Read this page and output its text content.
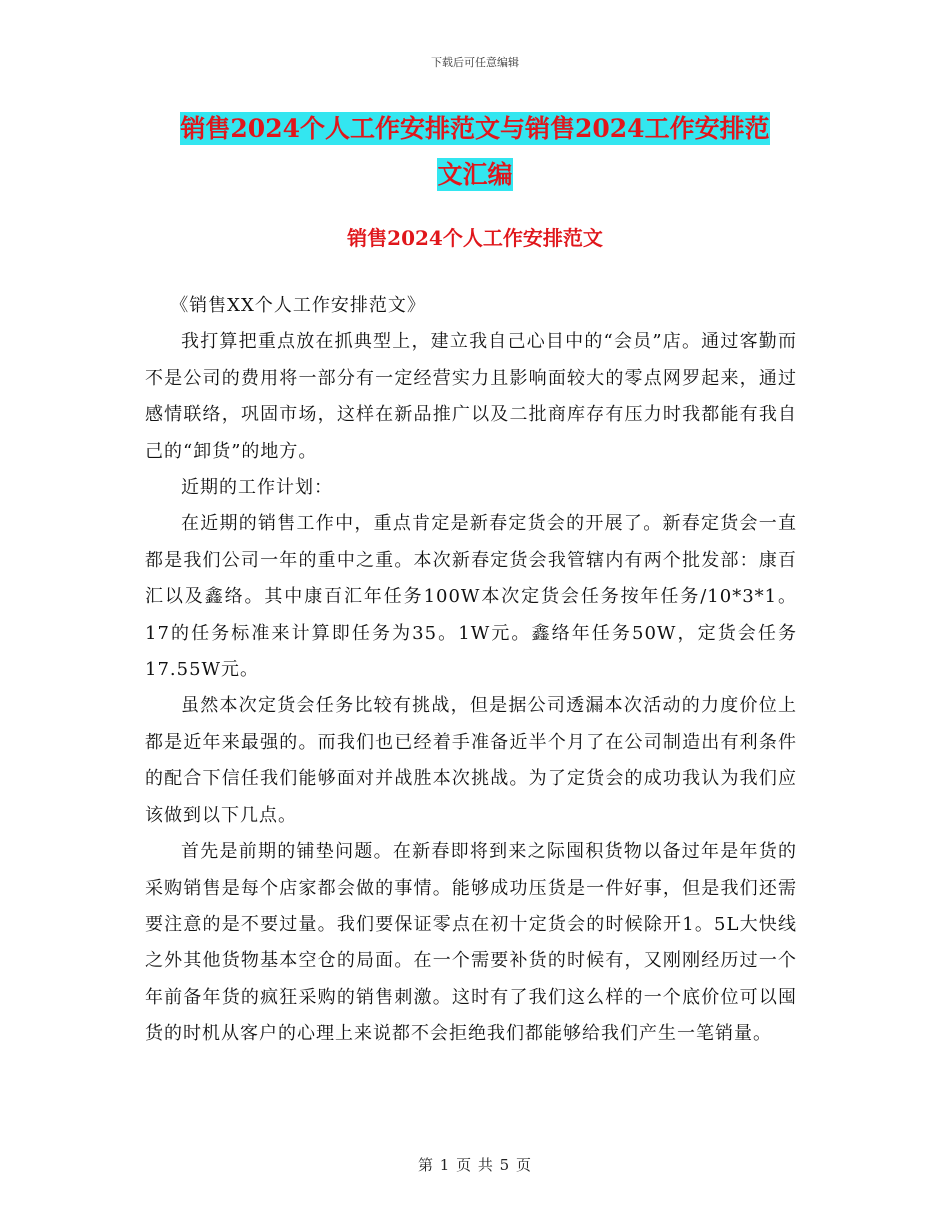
下载后可任意编辑
销售2024个人工作安排范文与销售2024工作安排范
文汇编
销售2024个人工作安排范文

《销售XX个人工作安排范文》

我打算把重点放在抓典型上，建立我自己心目中的“会员”店。通过客勤而不是公司的费用将一部分有一定经营实力且影响面较大的零点网罗起来，通过感情联络，巩固市场，这样在新品推广以及二批商库存有压力时我都能有我自己的“卸货”的地方。

近期的工作计划：

在近期的销售工作中，重点肯定是新春定货会的开展了。新春定货会一直都是我们公司一年的重中之重。本次新春定货会我管辖内有两个批发部：康百汇以及鑫络。其中康百汇年任务100W本次定货会任务按年任务/10*3*1。17的任务标准来计算即任务为35。1W元。鑫络年任务50W，定货会任务17.55W元。

虽然本次定货会任务比较有挑战，但是据公司透漏本次活动的力度价位上都是近年来最强的。而我们也已经着手准备近半个月了在公司制造出有利条件的配合下信任我们能够面对并战胜本次挑战。为了定货会的成功我认为我们应该做到以下几点。

首先是前期的铺垫问题。在新春即将到来之际囤积货物以备过年是年货的采购销售是每个店家都会做的事情。能够成功压货是一件好事，但是我们还需要注意的是不要过量。我们要保证零点在初十定货会的时候除开1。5L大快线之外其他货物基本空仓的局面。在一个需要补货的时候有，又刚刚经历过一个年前备年货的疯狂采购的销售刺激。这时有了我们这么样的一个底价位可以囤货的时机从客户的心理上来说都不会拒绝我们都能够给我们产生一笔销量。

第 1 页 共 5 页
